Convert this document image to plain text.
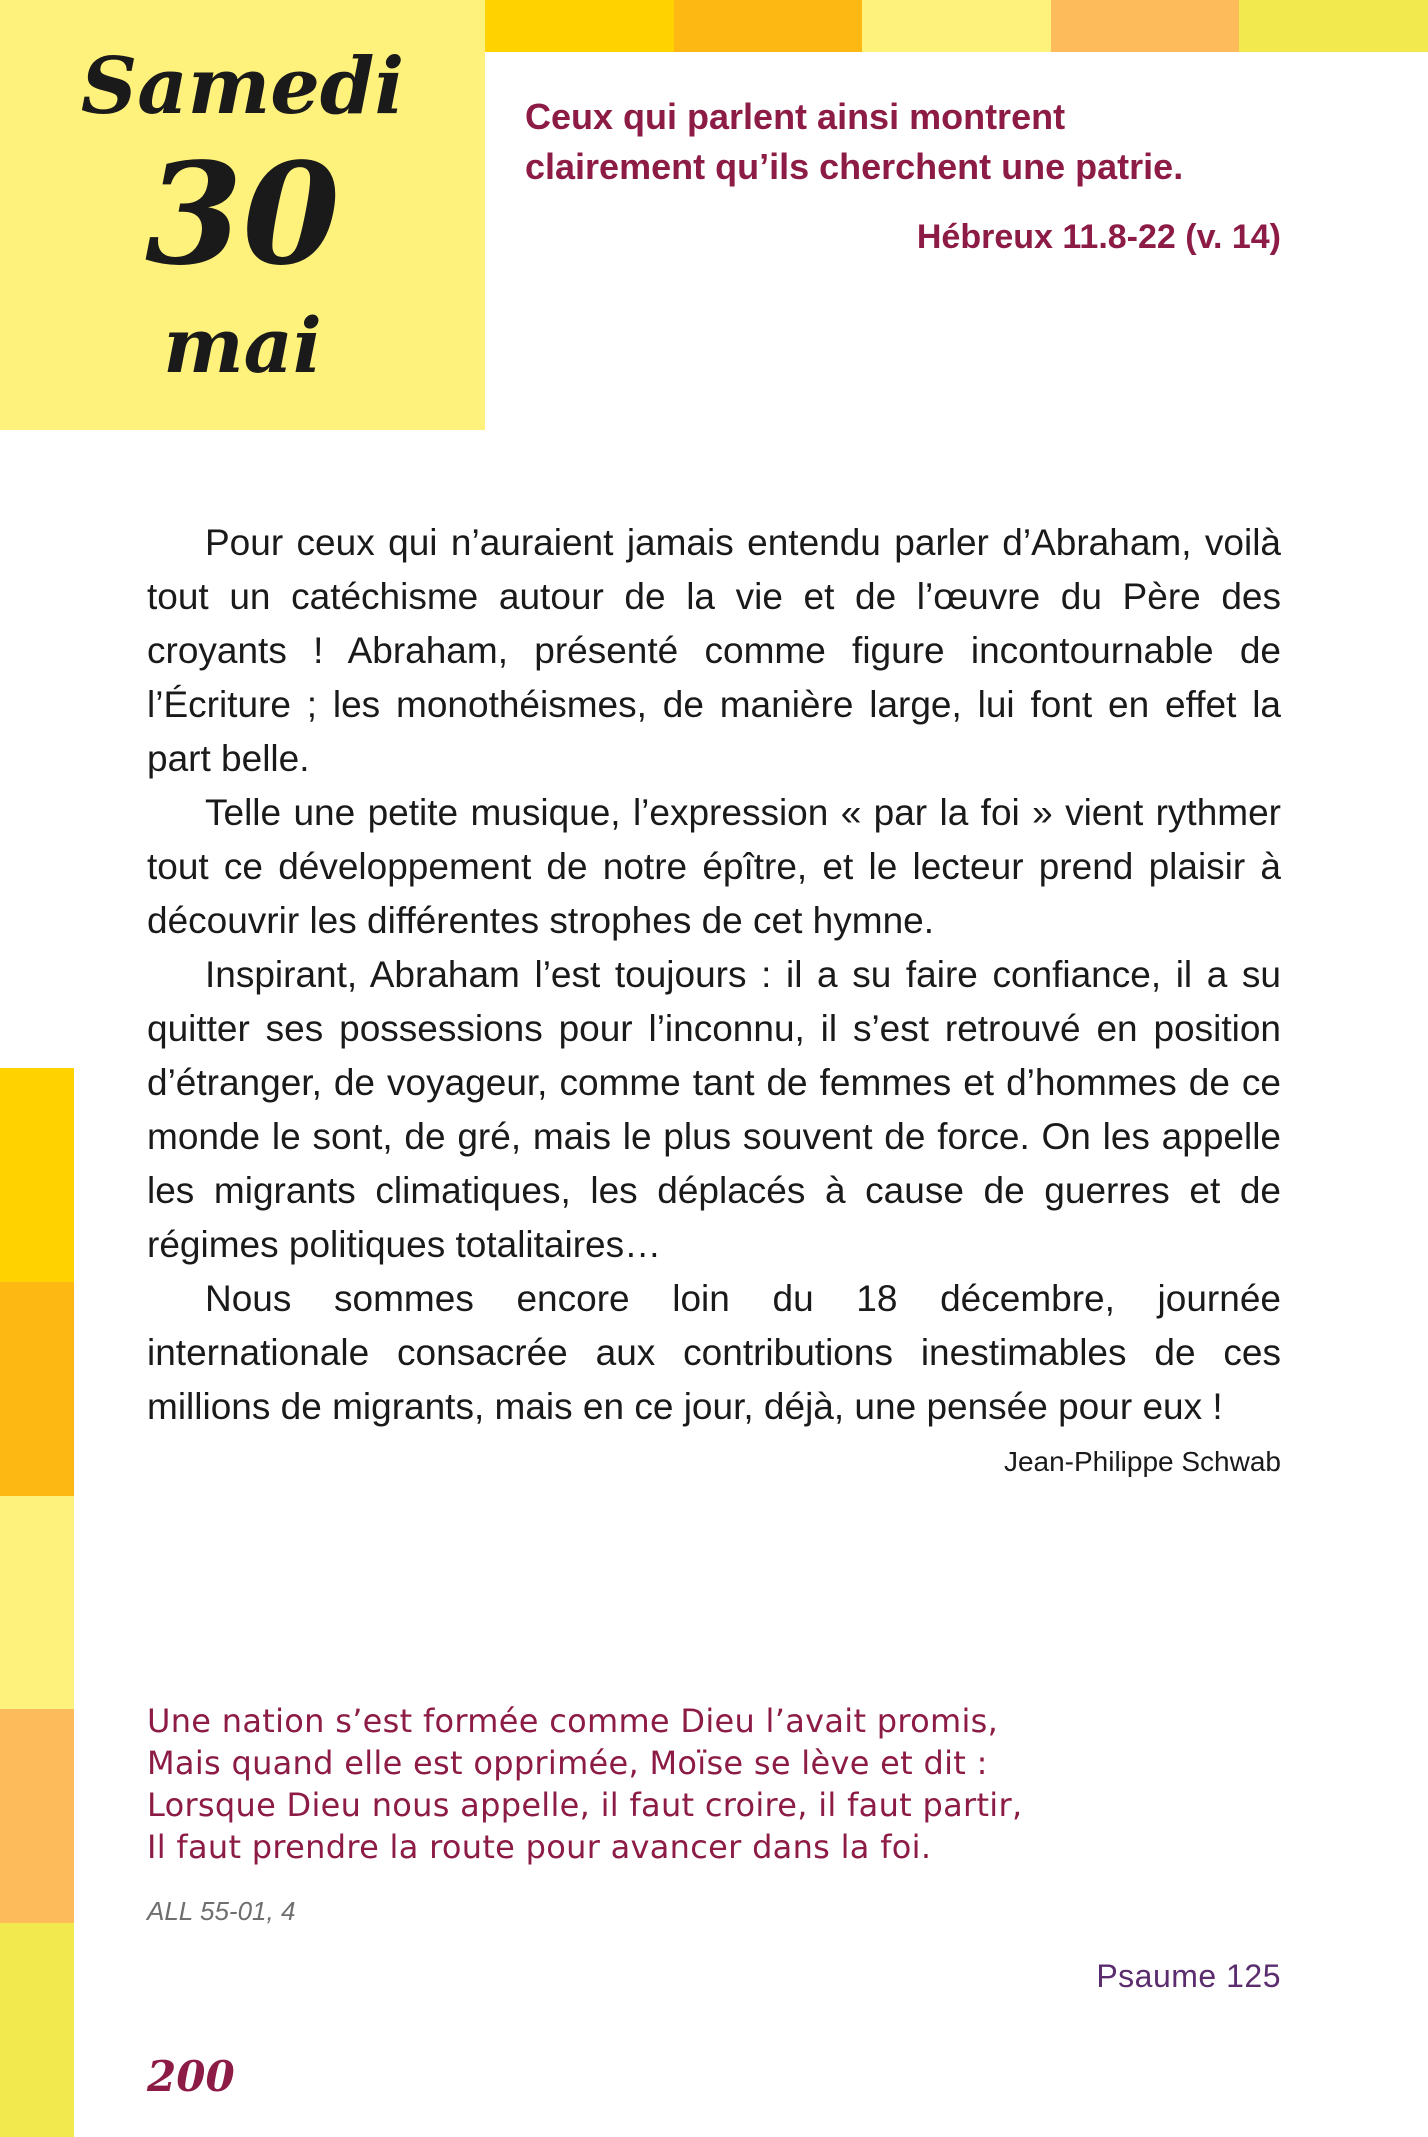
Samedi
30
mai

Ceux qui parlent ainsi montrent
clairement qu’ils cherchent une patrie.

Hébreux 11.8-22 (v. 14)

Pour ceux qui n’auraient jamais entendu parler d’Abraham, voilà tout un catéchisme autour de la vie et de l’œuvre du Père des croyants ! Abraham, présenté comme figure incontournable de l’Écriture ; les monothéismes, de manière large, lui font en effet la part belle.

Telle une petite musique, l’expression « par la foi » vient rythmer tout ce développement de notre épître, et le lecteur prend plaisir à découvrir les différentes strophes de cet hymne.

Inspirant, Abraham l’est toujours : il a su faire confiance, il a su quitter ses possessions pour l’inconnu, il s’est retrouvé en position d’étranger, de voyageur, comme tant de femmes et d’hommes de ce monde le sont, de gré, mais le plus souvent de force. On les appelle les migrants climatiques, les déplacés à cause de guerres et de régimes politiques totalitaires…

Nous sommes encore loin du 18 décembre, journée internationale consacrée aux contributions inestimables de ces millions de migrants, mais en ce jour, déjà, une pensée pour eux !

Jean-Philippe Schwab

Une nation s’est formée comme Dieu l’avait promis,
Mais quand elle est opprimée, Moïse se lève et dit :
Lorsque Dieu nous appelle, il faut croire, il faut partir,
Il faut prendre la route pour avancer dans la foi.

ALL 55-01, 4

Psaume 125

200
